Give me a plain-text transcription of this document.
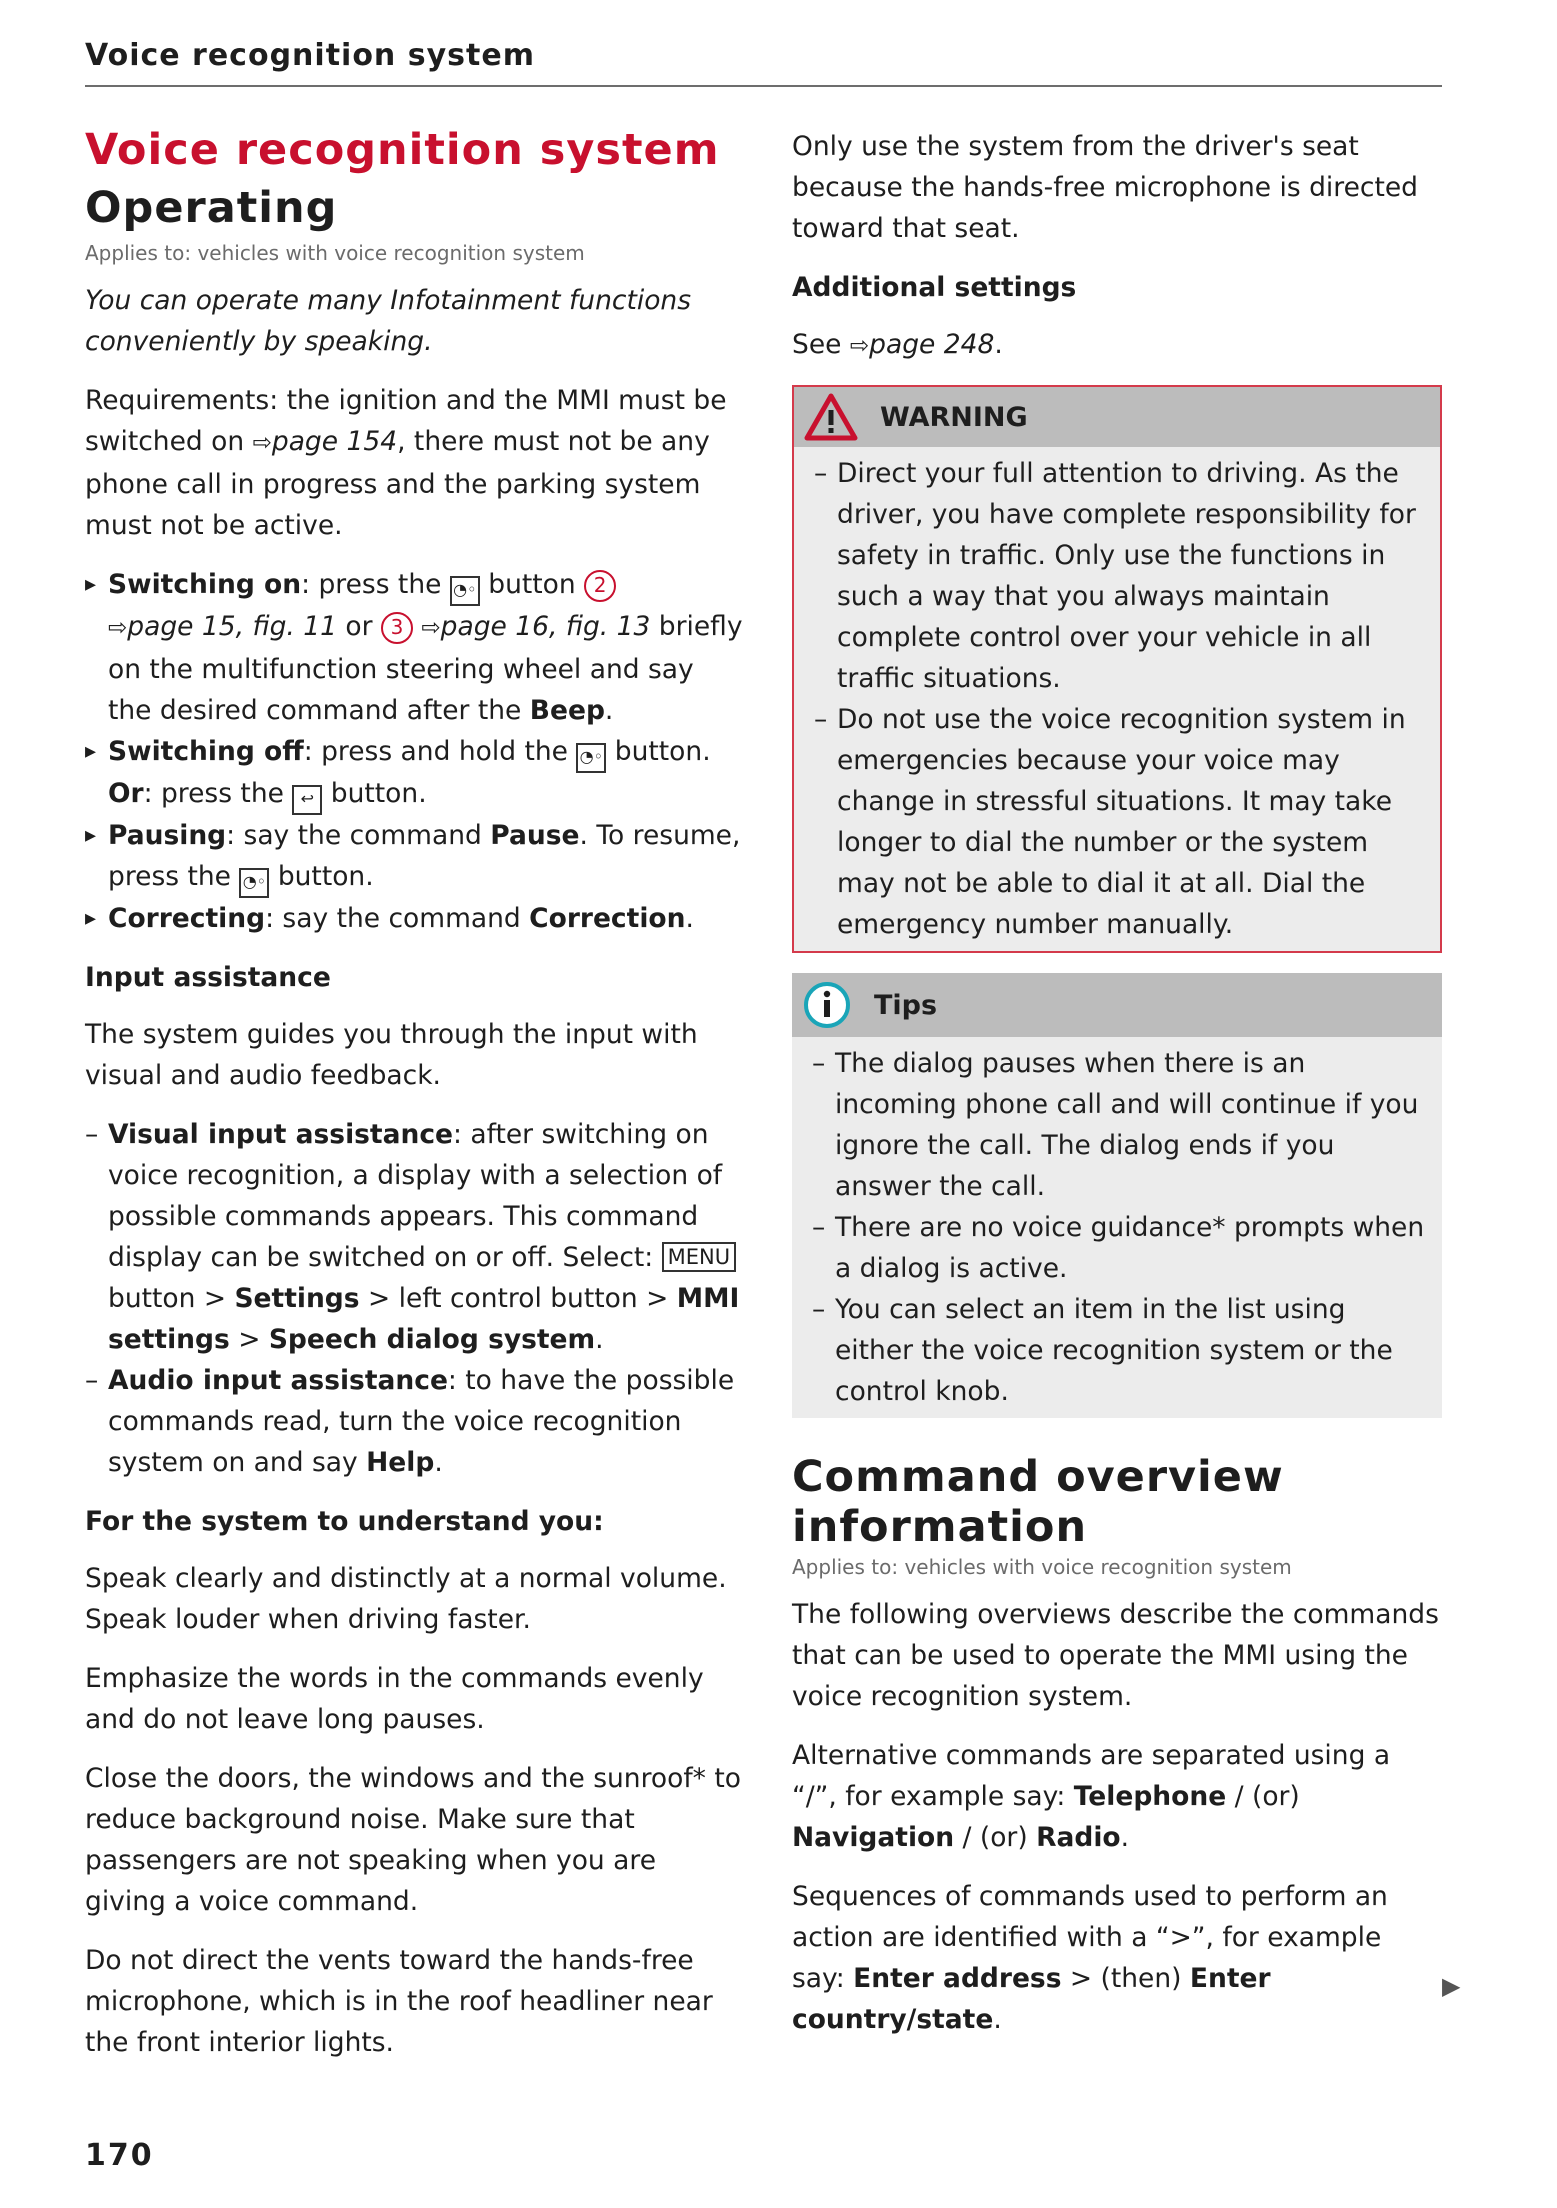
Voice recognition system
Voice recognition system
Operating
Applies to: vehicles with voice recognition system

You can operate many Infotainment functions conveniently by speaking.

Requirements: the ignition and the MMI must be switched on ⇨page 154, there must not be any phone call in progress and the parking system must not be active.

▸ Switching on: press the ◔◦ button 2
⇨page 15, fig. 11 or 3 ⇨page 16, fig. 13 briefly on the multifunction steering wheel and say the desired command after the Beep.
▸ Switching off: press and hold the ◔◦ button.
Or: press the ↩ button.
▸ Pausing: say the command Pause. To resume, press the ◔◦ button.
▸ Correcting: say the command Correction.
Input assistance

The system guides you through the input with visual and audio feedback.

– Visual input assistance: after switching on voice recognition, a display with a selection of possible commands appears. This command display can be switched on or off. Select: MENU button > Settings > left control button > MMI settings > Speech dialog system.
– Audio input assistance: to have the possible commands read, turn the voice recognition system on and say Help.
For the system to understand you:

Speak clearly and distinctly at a normal volume. Speak louder when driving faster.

Emphasize the words in the commands evenly and do not leave long pauses.

Close the doors, the windows and the sunroof* to reduce background noise. Make sure that passengers are not speaking when you are giving a voice command.

Do not direct the vents toward the hands-free microphone, which is in the roof headliner near the front interior lights.

Only use the system from the driver's seat because the hands-free microphone is directed toward that seat.

Additional settings

See ⇨page 248.

WARNING
– Direct your full attention to driving. As the driver, you have complete responsibility for safety in traffic. Only use the functions in such a way that you always maintain complete control over your vehicle in all traffic situations.
– Do not use the voice recognition system in emergencies because your voice may change in stressful situations. It may take longer to dial the number or the system may not be able to dial it at all. Dial the emergency number manually.
Tips
– The dialog pauses when there is an incoming phone call and will continue if you ignore the call. The dialog ends if you answer the call.
– There are no voice guidance* prompts when a dialog is active.
– You can select an item in the list using either the voice recognition system or the control knob.
Command overview information
Applies to: vehicles with voice recognition system

The following overviews describe the commands that can be used to operate the MMI using the voice recognition system.

Alternative commands are separated using a “/”, for example say: Telephone / (or) Navigation / (or) Radio.

Sequences of commands used to perform an action are identified with a “>”, for example say: Enter address > (then) Enter country/state.

▶
170
